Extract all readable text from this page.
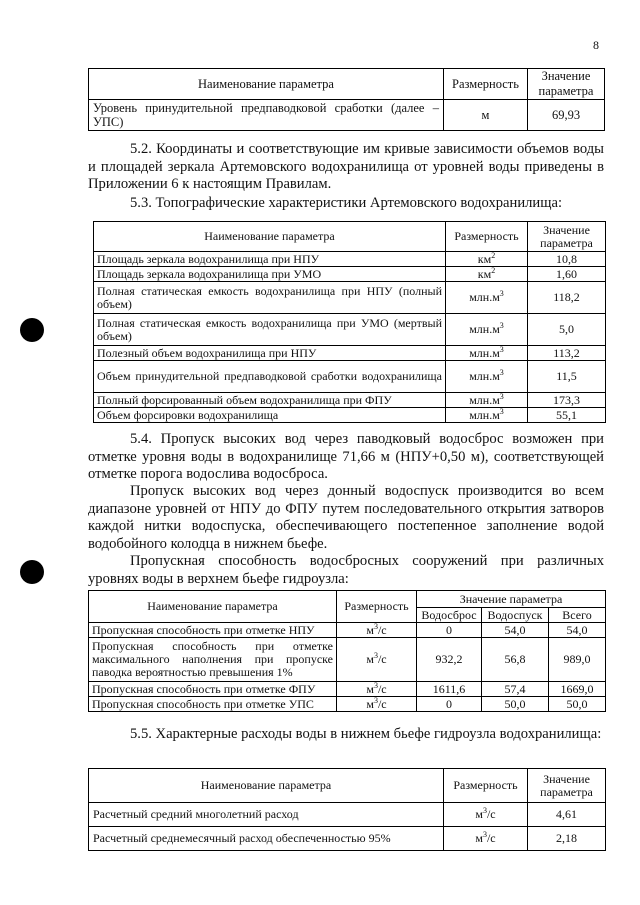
8
Наименование параметра	Размерность	Значение параметра
Уровень принудительной предпаводковой сработки (далее – УПС)	м	69,93

5.2. Координаты и соответствующие им кривые зависимости объемов воды и площадей зеркала Артемовского водохранилища от уровней воды приведены в Приложении 6 к настоящим Правилам.

5.3. Топографические характеристики Артемовского водохранилища:

Наименование параметра	Размерность	Значение параметра
Площадь зеркала водохранилища при НПУ	$км^2$	10,8
Площадь зеркала водохранилища при УМО	$км^2$	1,60
Полная статическая емкость водохранилища при НПУ (полный объем)	$млн.м^3$	118,2
Полная статическая емкость водохранилища при УМО (мертвый объем)	$млн.м^3$	5,0
Полезный объем водохранилища при НПУ	$млн.м^3$	113,2
Объем принудительной предпаводковой сработки водохранилища	$млн.м^3$	11,5
Полный форсированный объем водохранилища при ФПУ	$млн.м^3$	173,3
Объем форсировки водохранилища	$млн.м^3$	55,1

5.4. Пропуск высоких вод через паводковый водосброс возможен при отметке уровня воды в водохранилище 71,66 м (НПУ+0,50 м), соответствующей отметке порога водослива водосброса.

Пропуск высоких вод через донный водоспуск производится во всем диапазоне уровней от НПУ до ФПУ путем последовательного открытия затворов каждой нитки водоспуска, обеспечивающего постепенное заполнение водой водобойного колодца в нижнем бьефе.

Пропускная способность водосбросных сооружений при различных уровнях воды в верхнем бьефе гидроузла:

Наименование параметра	Размерность	Значение параметра		
		Водосброс	Водоспуск	Всего
Пропускная способность при отметке НПУ	$м^3/с$	0	54,0	54,0
Пропускная способность при отметке максимального наполнения при пропуске паводка вероятностью превышения 1%	$м^3/с$	932,2	56,8	989,0
Пропускная способность при отметке ФПУ	$м^3/с$	1611,6	57,4	1669,0
Пропускная способность при отметке УПС	$м^3/с$	0	50,0	50,0

5.5. Характерные расходы воды в нижнем бьефе гидроузла водохранилища:

Наименование параметра	Размерность	Значение параметра
Расчетный средний многолетний расход	$м^3/с$	4,61
Расчетный среднемесячный расход обеспеченностью 95%	$м^3/с$	2,18
